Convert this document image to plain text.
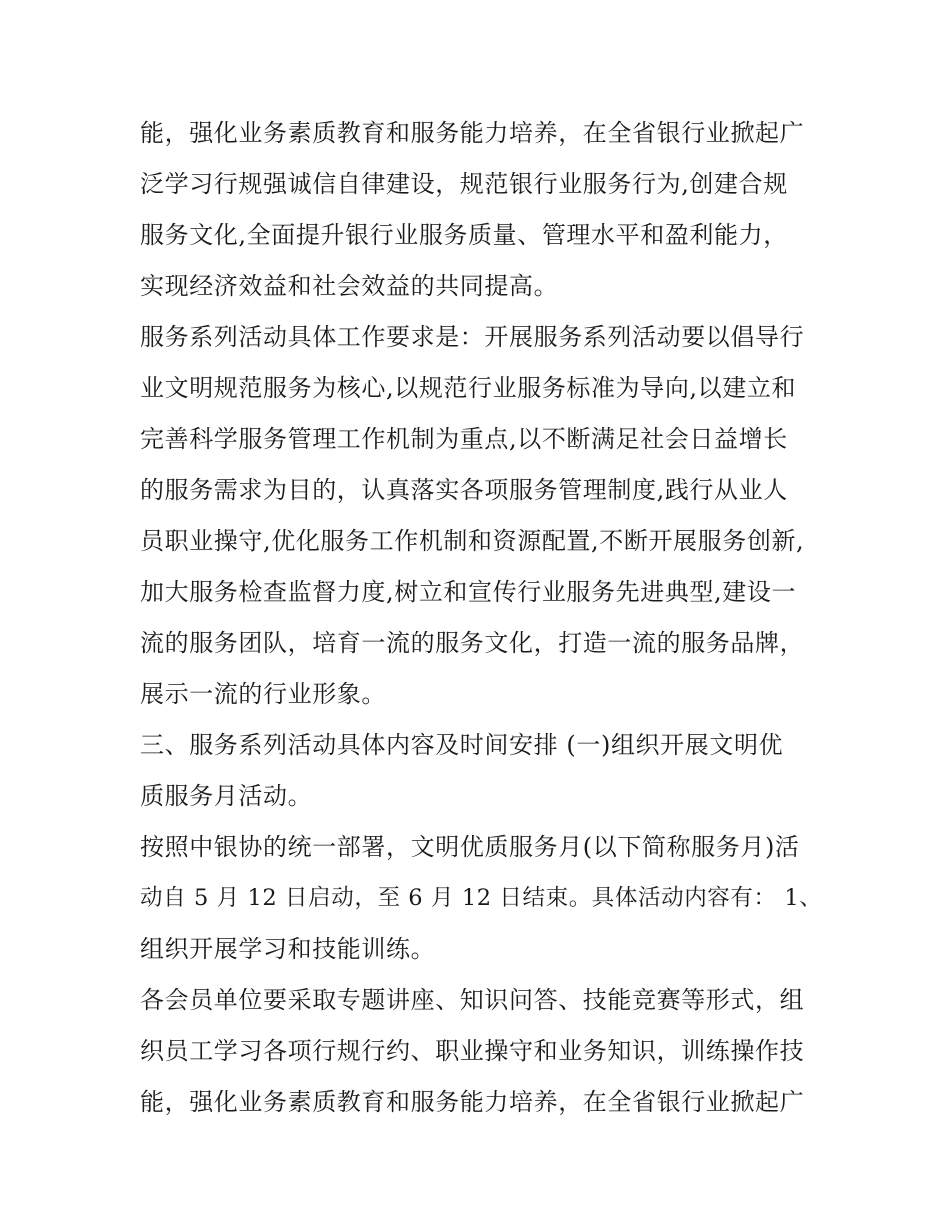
能，强化业务素质教育和服务能力培养，在全省银行业掀起广
泛学习行规强诚信自律建设，规范银行业服务行为,创建合规
服务文化,全面提升银行业服务质量、管理水平和盈利能力，
实现经济效益和社会效益的共同提高。
服务系列活动具体工作要求是：开展服务系列活动要以倡导行
业文明规范服务为核心,以规范行业服务标准为导向,以建立和
完善科学服务管理工作机制为重点,以不断满足社会日益增长
的服务需求为目的，认真落实各项服务管理制度,践行从业人
员职业操守,优化服务工作机制和资源配置,不断开展服务创新,
加大服务检查监督力度,树立和宣传行业服务先进典型,建设一
流的服务团队，培育一流的服务文化，打造一流的服务品牌，
展示一流的行业形象。
三、服务系列活动具体内容及时间安排 (一)组织开展文明优
质服务月活动。
按照中银协的统一部署，文明优质服务月(以下简称服务月)活
动自 5 月 12 日启动，至 6 月 12 日结束。具体活动内容有： 1、
组织开展学习和技能训练。
各会员单位要采取专题讲座、知识问答、技能竞赛等形式，组
织员工学习各项行规行约、职业操守和业务知识，训练操作技
能，强化业务素质教育和服务能力培养，在全省银行业掀起广
